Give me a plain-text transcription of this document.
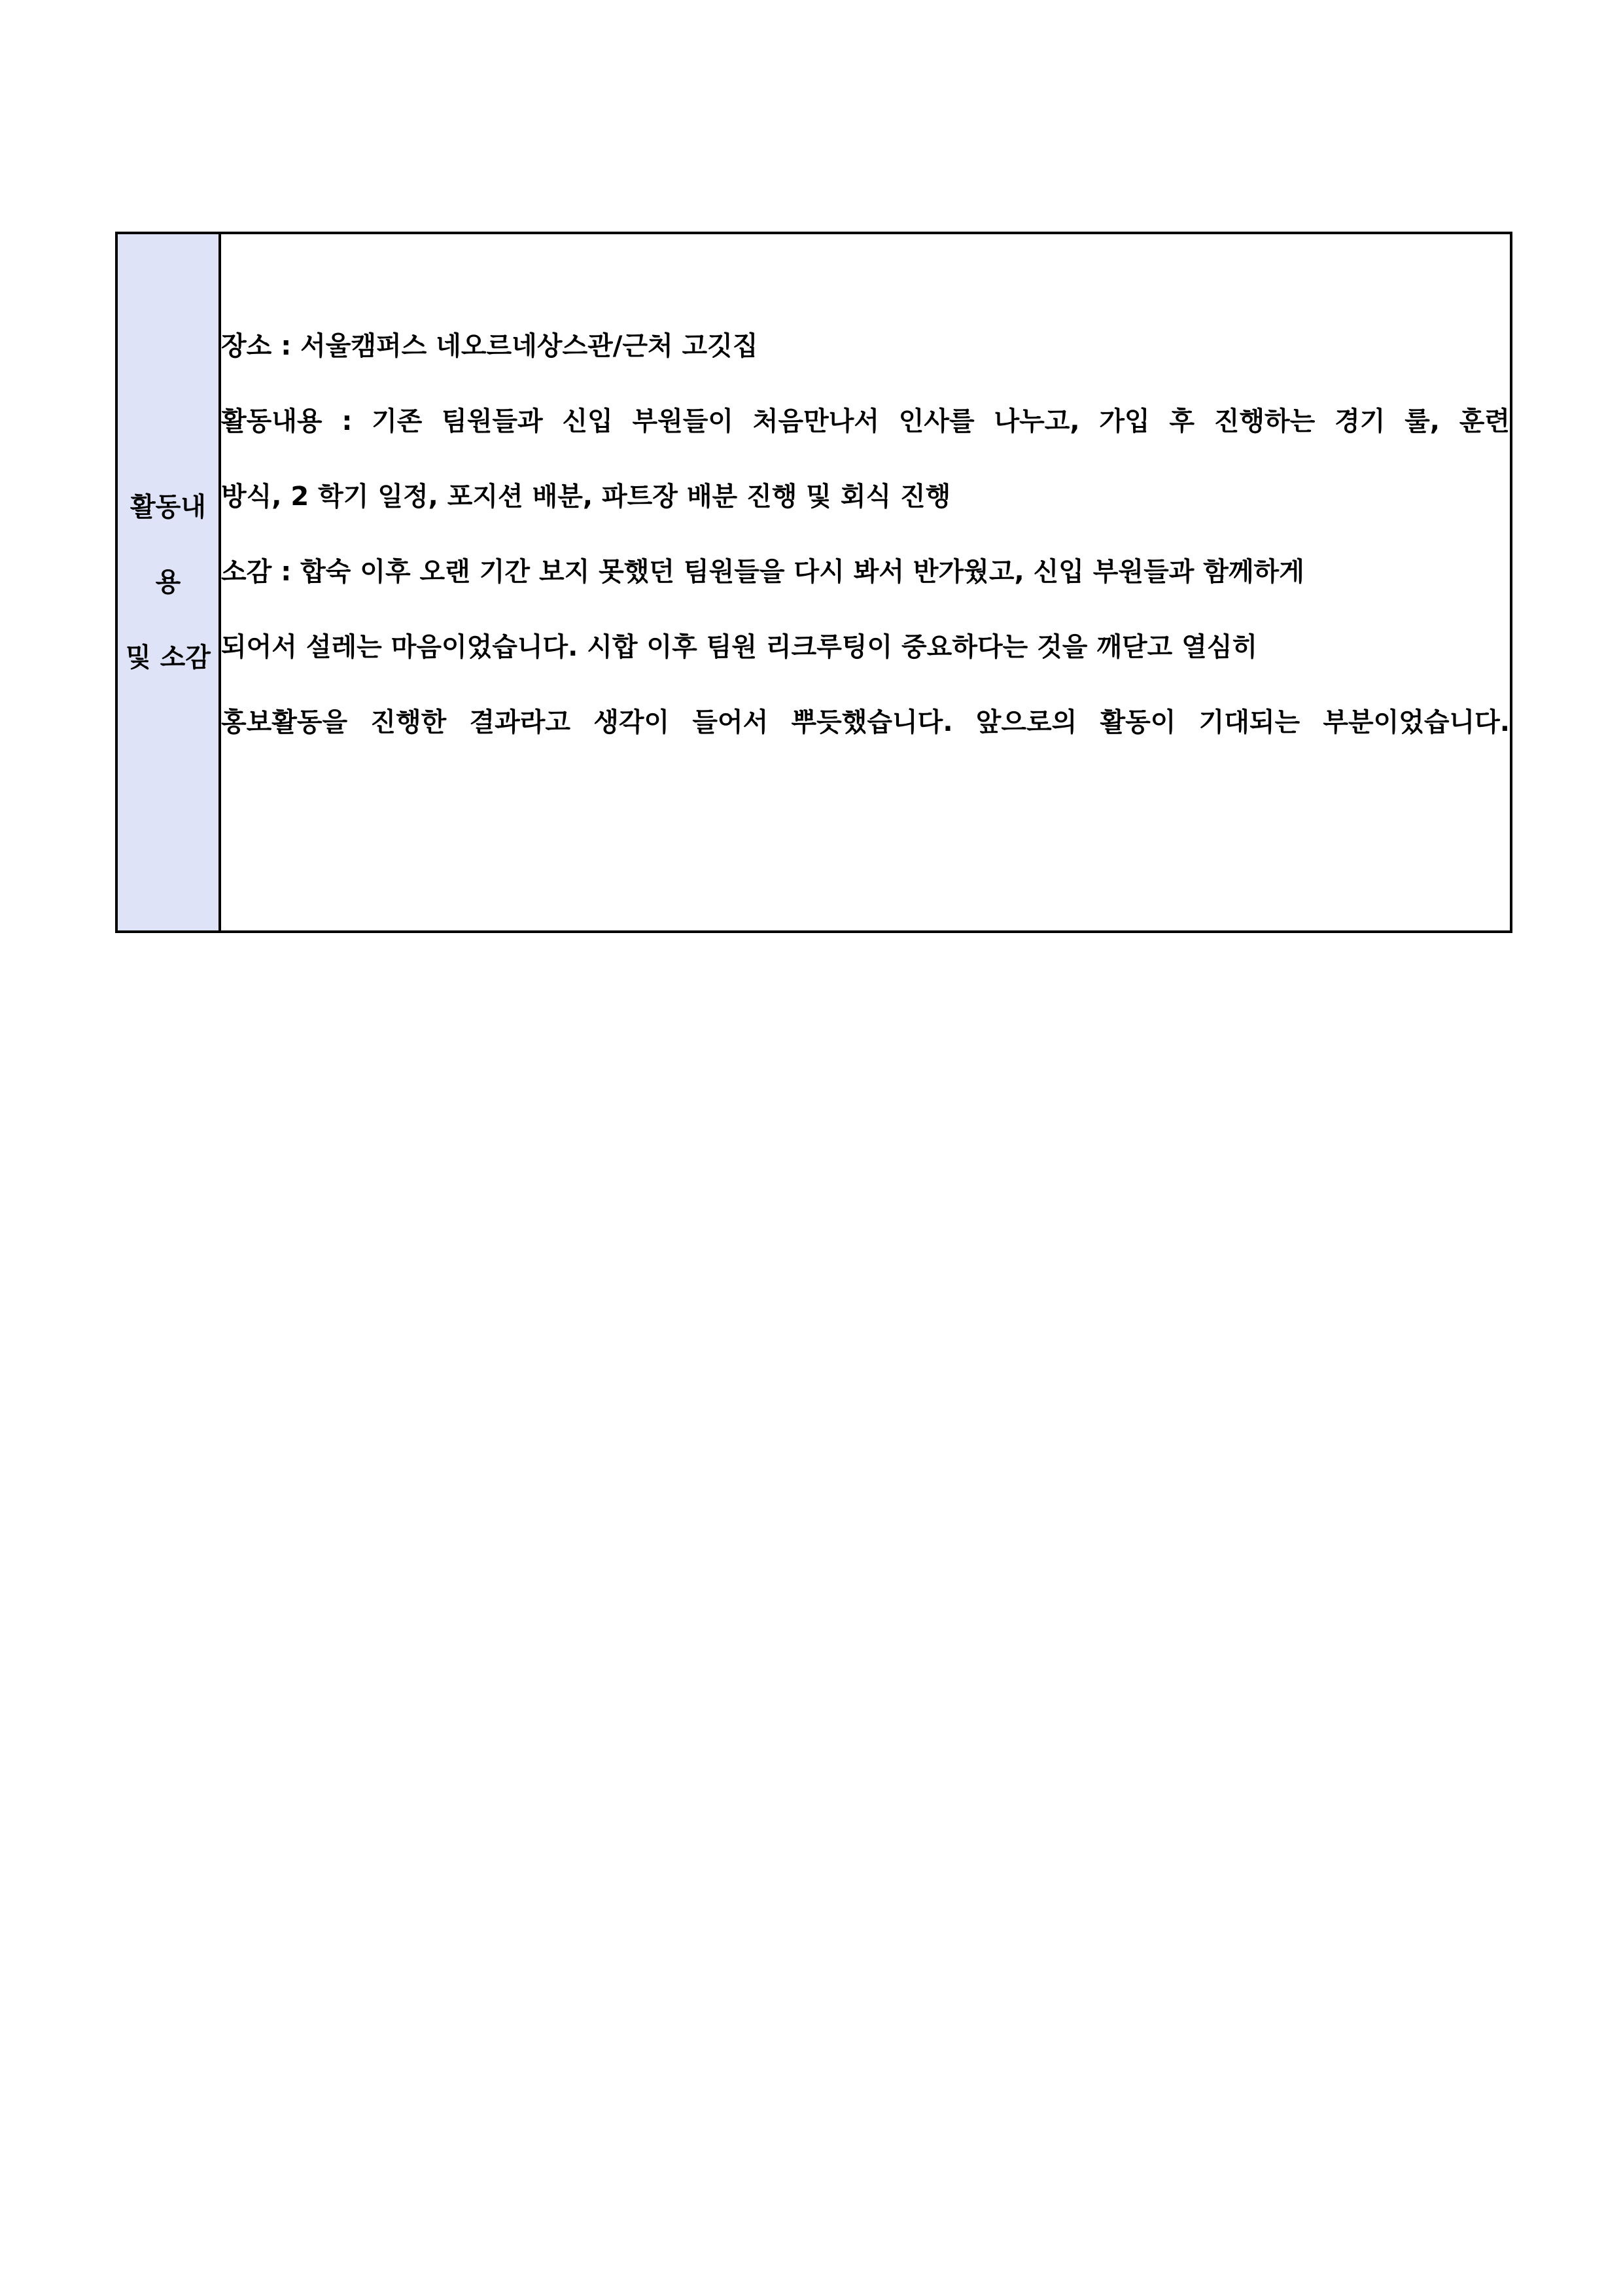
활동내
용
및 소감
장소 : 서울캠퍼스 네오르네상스관/근처 고깃집
활동내용 : 기존 팀원들과 신입 부원들이 처음만나서 인사를 나누고, 가입 후 진행하는 경기 룰, 훈련
방식, 2 학기 일정, 포지션 배분, 파트장 배분 진행 및 회식 진행
소감 : 합숙 이후 오랜 기간 보지 못했던 팀원들을 다시 봐서 반가웠고, 신입 부원들과 함께하게
되어서 설레는 마음이었습니다. 시합 이후 팀원 리크루팅이 중요하다는 것을 깨닫고 열심히
홍보활동을 진행한 결과라고 생각이 들어서 뿌듯했습니다. 앞으로의 활동이 기대되는 부분이었습니다.
